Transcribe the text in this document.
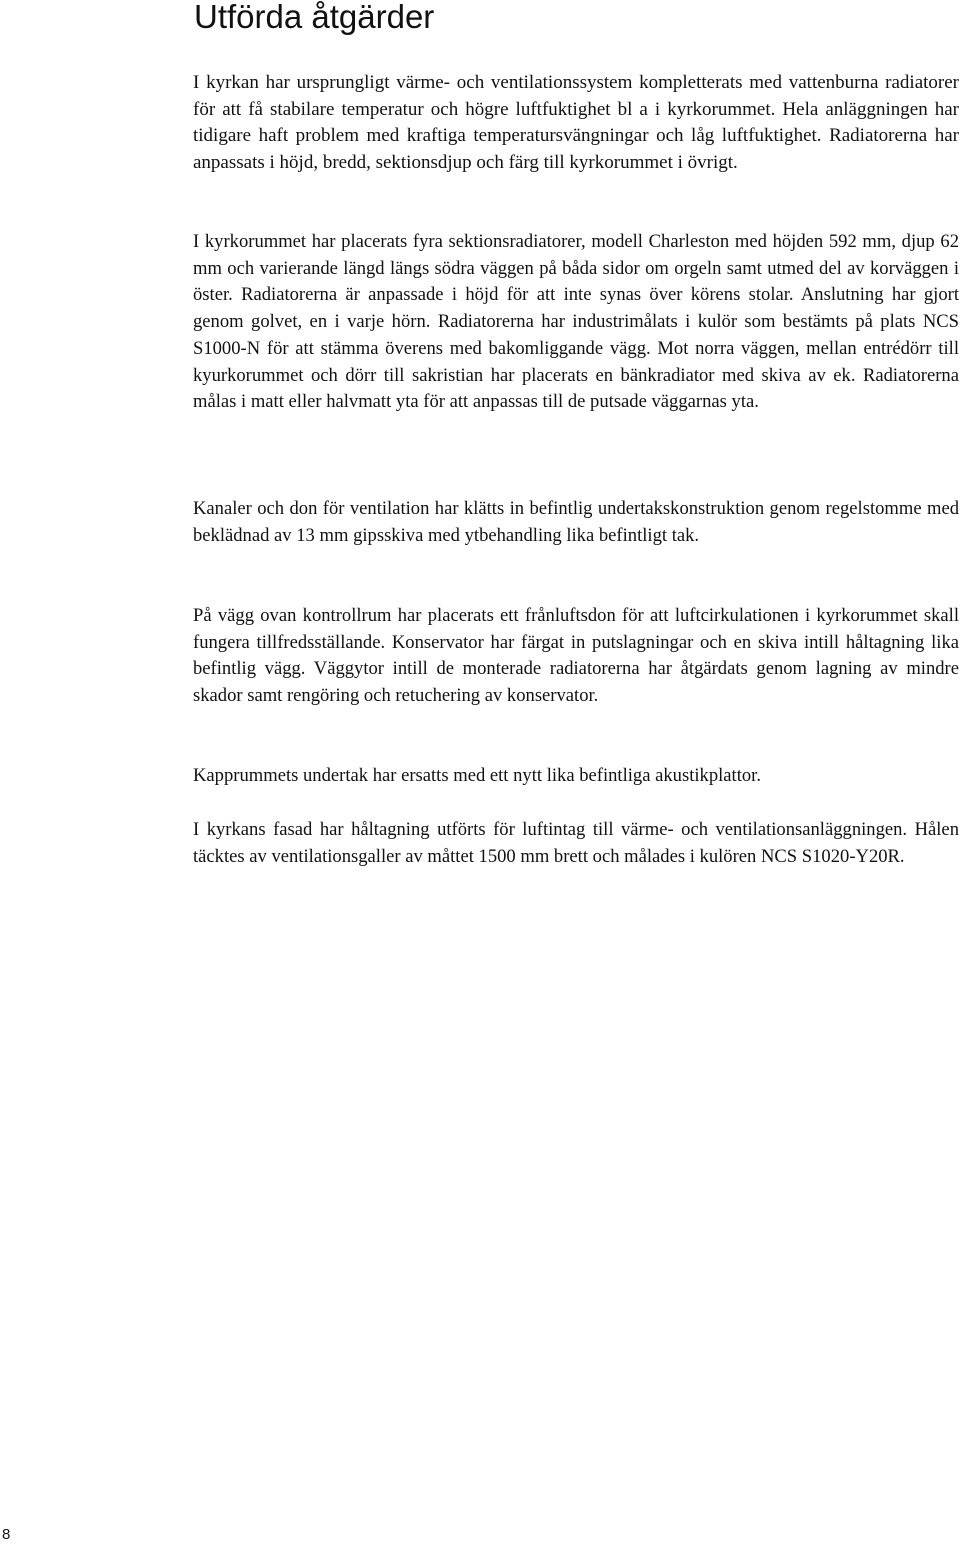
Utförda åtgärder

I kyrkan har ursprungligt värme- och ventilationssystem kompletterats med vattenburna radiatorer för att få stabilare temperatur och högre luftfuktighet bl a i kyrkorummet. Hela anläggningen har tidigare haft problem med kraftiga temperatursvängningar och låg luftfuktighet. Radiatorerna har anpassats i höjd, bredd, sektionsdjup och färg till kyrkorummet i övrigt.

I kyrkorummet har placerats fyra sektionsradiatorer, modell Charleston med höjden 592 mm, djup 62 mm och varierande längd längs södra väggen på båda sidor om orgeln samt utmed del av korväggen i öster. Radiatorerna är anpassade i höjd för att inte synas över körens stolar. Anslutning har gjort genom golvet, en i varje hörn. Radiatorerna har industrimålats i kulör som bestämts på plats NCS S1000-N för att stämma överens med bakomliggande vägg. Mot norra väggen, mellan entrédörr till kyurkorummet och dörr till sakristian har placerats en bänkradiator med skiva av ek. Radiatorerna målas i matt eller halvmatt yta för att anpassas till de putsade väggarnas yta.

Kanaler och don för ventilation har klätts in befintlig undertakskonstruktion genom regelstomme med beklädnad av 13 mm gipsskiva med ytbehandling lika befintligt tak.

På vägg ovan kontrollrum har placerats ett frånluftsdon för att luftcirkulationen i kyrkorummet skall fungera tillfredsställande. Konservator har färgat in putslagningar och en skiva intill håltagning lika befintlig vägg. Väggytor intill de monterade radiatorerna har åtgärdats genom lagning av mindre skador samt rengöring och retuchering av konservator.

Kapprummets undertak har ersatts med ett nytt lika befintliga akustikplattor.

I kyrkans fasad har håltagning utförts för luftintag till värme- och ventilationsanläggningen. Hålen täcktes av ventilationsgaller av måttet 1500 mm brett och målades i kulören NCS S1020-Y20R.

8
